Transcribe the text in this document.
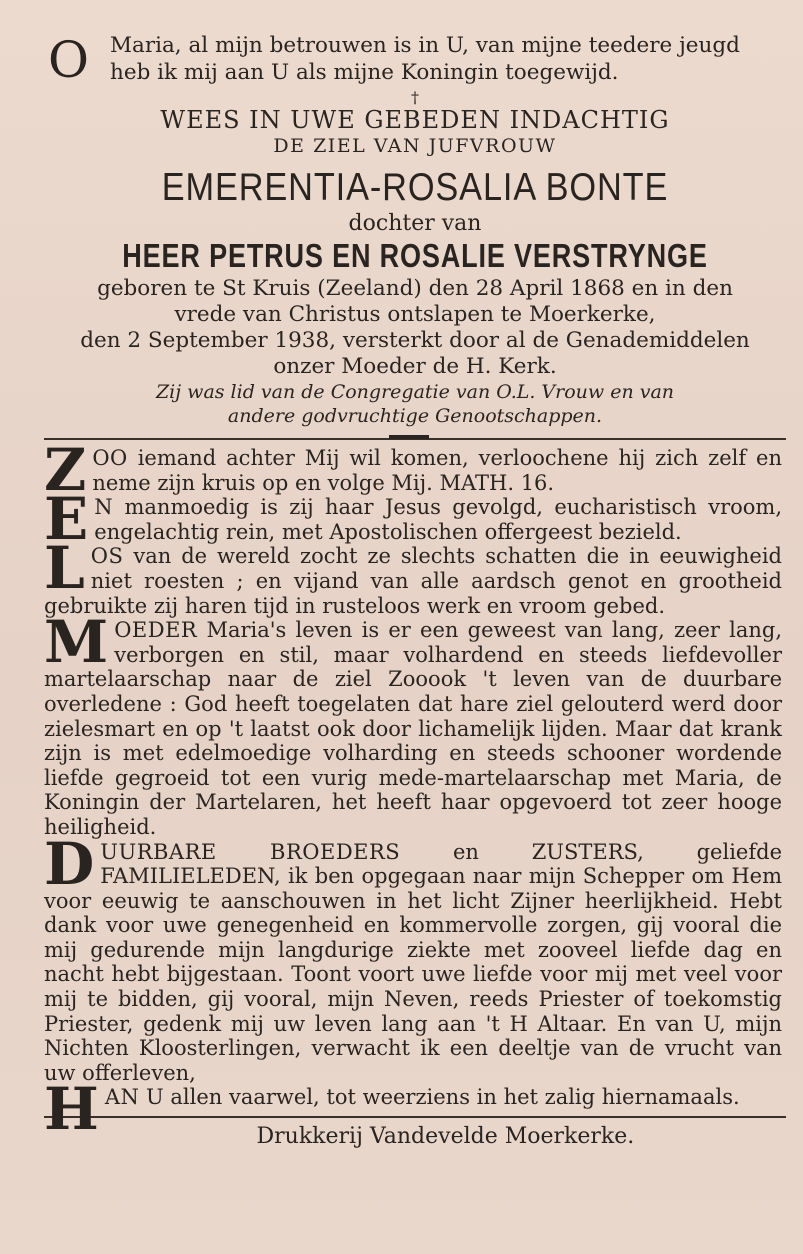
O Maria, al mijn betrouwen is in U, van mijne teedere jeugd heb ik mij aan U als mijne Koningin toegewijd.
†
WEES IN UWE GEBEDEN INDACHTIG
DE ZIEL VAN JUFVROUW
EMERENTIA-ROSALIA BONTE
dochter van
HEER PETRUS EN ROSALIE VERSTRYNGE
geboren te St Kruis (Zeeland) den 28 April 1868 en in den
vrede van Christus ontslapen te Moerkerke,
den 2 September 1938, versterkt door al de Genademiddelen
onzer Moeder de H. Kerk.
Zij was lid van de Congregatie van O.L. Vrouw en van
andere godvruchtige Genootschappen.
ZOO iemand achter Mij wil komen, verloochene hij zich zelf en neme zijn kruis op en volge Mij. MATH. 16.
E N manmoedig is zij haar Jesus gevolgd, eucharistisch vroom, engelachtig rein, met Apostolischen offergeest bezield.
LOS van de wereld zocht ze slechts schatten die in eeuwigheid niet roesten ; en vijand van alle aardsch genot en grootheid gebruikte zij haren tijd in rusteloos werk en vroom gebed.
MOEDER Maria's leven is er een geweest van lang, zeer lang, verborgen en stil, maar volhardend en steeds liefdevoller martelaarschap naar de ziel Zooook 't leven van de duurbare overledene : God heeft toegelaten dat hare ziel gelouterd werd door zielesmart en op 't laatst ook door lichamelijk lijden. Maar dat krank zijn is met edelmoedige volharding en steeds schooner wordende liefde gegroeid tot een vurig mede-martelaarschap met Maria, de Koningin der Martelaren, het heeft haar opgevoerd tot zeer hooge heiligheid.
DUURBARE BROEDERS en ZUSTERS, geliefde FAMILIELEDEN, ik ben opgegaan naar mijn Schepper om Hem voor eeuwig te aanschouwen in het licht Zijner heerlijkheid. Hebt dank voor uwe genegenheid en kommervolle zorgen, gij vooral die mij gedurende mijn langdurige ziekte met zooveel liefde dag en nacht hebt bijgestaan. Toont voort uwe liefde voor mij met veel voor mij te bidden, gij vooral, mijn Neven, reeds Priester of toekomstig Priester, gedenk mij uw leven lang aan 't H Altaar. En van U, mijn Nichten Kloosterlingen, verwacht ik een deeltje van de vrucht van uw offerleven,
HAN U allen vaarwel, tot weerziens in het zalig hiernamaals.
Drukkerij Vandevelde Moerkerke.
